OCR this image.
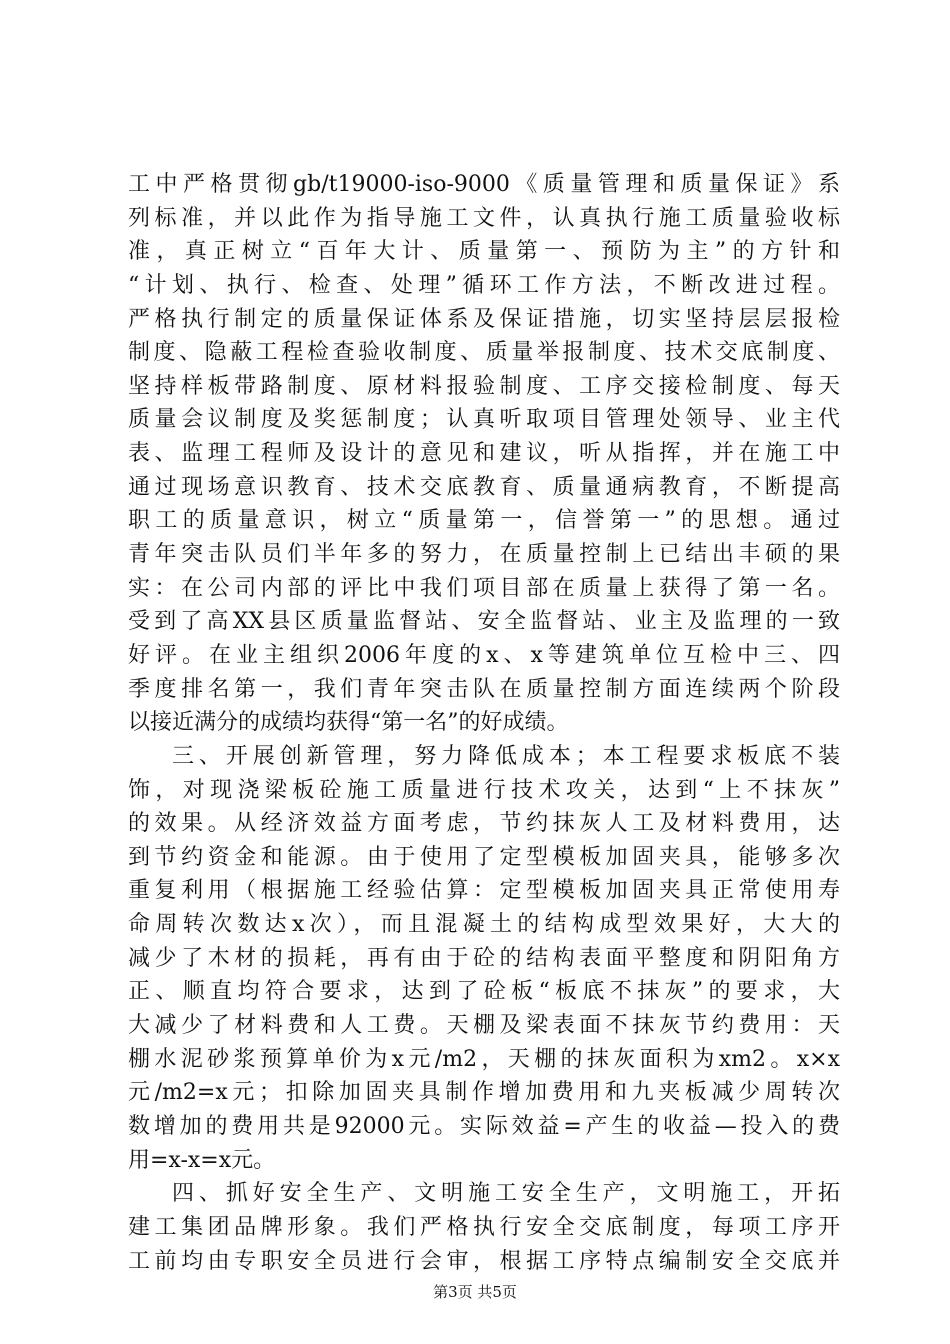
工中严格贯彻gb/t19000-iso-9000《质量管理和质量保证》系
列标准，并以此作为指导施工文件，认真执行施工质量验收标
准，真正树立“百年大计、质量第一、预防为主”的方针和
“计划、执行、检查、处理”循环工作方法，不断改进过程。
严格执行制定的质量保证体系及保证措施，切实坚持层层报检
制度、隐蔽工程检查验收制度、质量举报制度、技术交底制度、
坚持样板带路制度、原材料报验制度、工序交接检制度、每天
质量会议制度及奖惩制度；认真听取项目管理处领导、业主代
表、监理工程师及设计的意见和建议，听从指挥，并在施工中
通过现场意识教育、技术交底教育、质量通病教育，不断提高
职工的质量意识，树立“质量第一，信誉第一”的思想。通过
青年突击队员们半年多的努力，在质量控制上已结出丰硕的果
实：在公司内部的评比中我们项目部在质量上获得了第一名。
受到了高XX县区质量监督站、安全监督站、业主及监理的一致
好评。在业主组织2006年度的x、x等建筑单位互检中三、四
季度排名第一，我们青年突击队在质量控制方面连续两个阶段
以接近满分的成绩均获得“第一名”的好成绩。
三、开展创新管理，努力降低成本；本工程要求板底不装
饰，对现浇梁板砼施工质量进行技术攻关，达到“上不抹灰”
的效果。从经济效益方面考虑，节约抹灰人工及材料费用，达
到节约资金和能源。由于使用了定型模板加固夹具，能够多次
重复利用（根据施工经验估算：定型模板加固夹具正常使用寿
命周转次数达x次），而且混凝土的结构成型效果好，大大的
减少了木材的损耗，再有由于砼的结构表面平整度和阴阳角方
正、顺直均符合要求，达到了砼板“板底不抹灰”的要求，大
大减少了材料费和人工费。天棚及梁表面不抹灰节约费用：天
棚水泥砂浆预算单价为x元/m2，天棚的抹灰面积为xm2。x×x
元/m2=x元；扣除加固夹具制作增加费用和九夹板减少周转次
数增加的费用共是92000元。实际效益=产生的收益—投入的费
用=x-x=x元。
四、抓好安全生产、文明施工安全生产，文明施工，开拓
建工集团品牌形象。我们严格执行安全交底制度，每项工序开
工前均由专职安全员进行会审，根据工序特点编制安全交底并
第3页 共5页
